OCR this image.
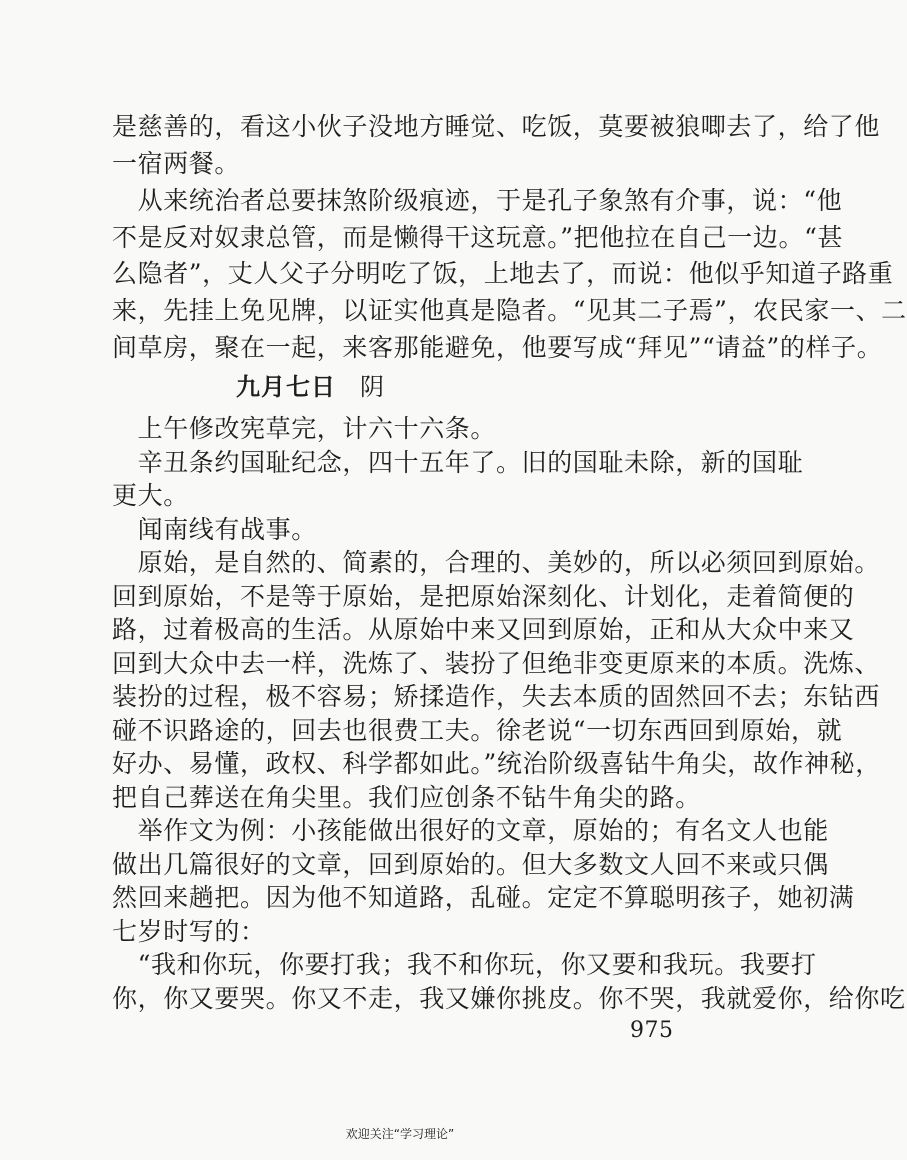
是慈善的，看这小伙子没地方睡觉、吃饭，莫要被狼唧去了，给了他
一宿两餐。
　从来统治者总要抹煞阶级痕迹，于是孔子象煞有介事，说：“他
不是反对奴隶总管，而是懒得干这玩意。”把他拉在自己一边。“甚
么隐者”，丈人父子分明吃了饭，上地去了，而说：他似乎知道子路重
来，先挂上免见牌，以证实他真是隐者。“见其二子焉”，农民家一、二
间草房，聚在一起，来客那能避免，他要写成“拜见”“请益”的样子。
九月七日 阴
　上午修改宪草完，计六十六条。
　辛丑条约国耻纪念，四十五年了。旧的国耻未除，新的国耻
更大。
　闻南线有战事。
　原始，是自然的、简素的，合理的、美妙的，所以必须回到原始。
回到原始，不是等于原始，是把原始深刻化、计划化，走着简便的
路，过着极高的生活。从原始中来又回到原始，正和从大众中来又
回到大众中去一样，洗炼了、装扮了但绝非变更原来的本质。洗炼、
装扮的过程，极不容易；矫揉造作，失去本质的固然回不去；东钻西
碰不识路途的，回去也很费工夫。徐老说“一切东西回到原始，就
好办、易懂，政权、科学都如此。”统治阶级喜钻牛角尖，故作神秘，
把自己葬送在角尖里。我们应创条不钻牛角尖的路。
　举作文为例：小孩能做出很好的文章，原始的；有名文人也能
做出几篇很好的文章，回到原始的。但大多数文人回不来或只偶
然回来趟把。因为他不知道路，乱碰。定定不算聪明孩子，她初满
七岁时写的：
　“我和你玩，你要打我；我不和你玩，你又要和我玩。我要打
你，你又要哭。你又不走，我又嫌你挑皮。你不哭，我就爱你，给你吃
975
欢迎关注“学习理论”
